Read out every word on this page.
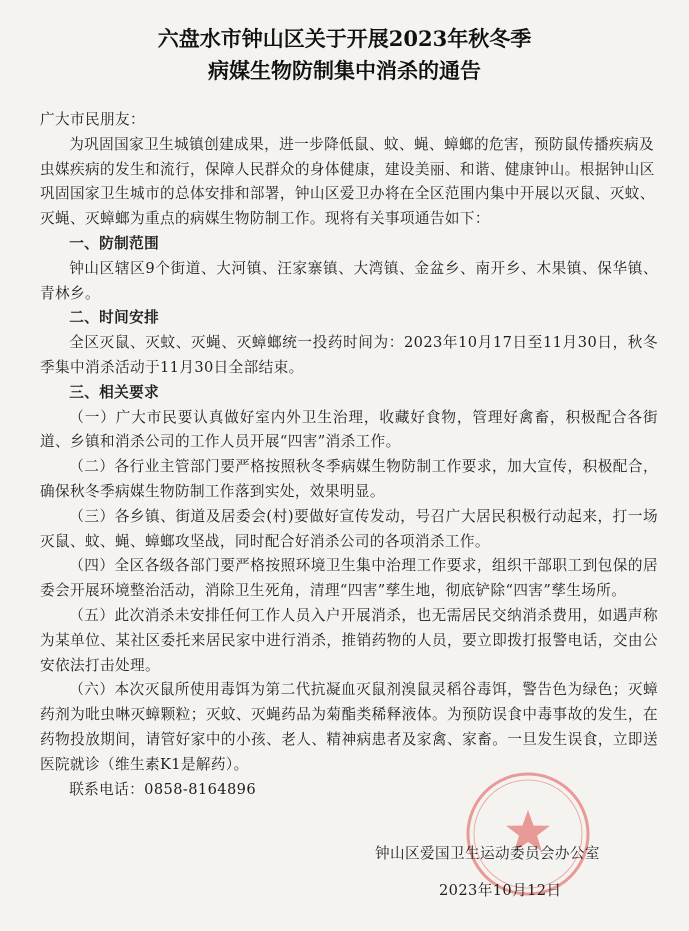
六盘水市钟山区关于开展2023年秋冬季
病媒生物防制集中消杀的通告

广大市民朋友：

为巩固国家卫生城镇创建成果，进一步降低鼠、蚊、蝇、蟑螂的危害，预防鼠传播疾病及虫媒疾病的发生和流行，保障人民群众的身体健康，建设美丽、和谐、健康钟山。

根据钟山区巩固国家卫生城市的总体安排和部署，钟山区爱卫办将在全区范围内集中开展以灭鼠、灭蚊、灭蝇、灭蟑螂为重点的病媒生物防制工作。现将有关事项通告如下：

一、防制范围

钟山区辖区9个街道、大河镇、汪家寨镇、大湾镇、金盆乡、南开乡、木果镇、保华镇、青林乡。

二、时间安排

全区灭鼠、灭蚊、灭蝇、灭蟑螂统一投药时间为：2023年10月17日至11月30日，秋冬季集中消杀活动于11月30日全部结束。

三、相关要求

（一）广大市民要认真做好室内外卫生治理，收藏好食物，管理好禽畜，积极配合各街道、乡镇和消杀公司的工作人员开展“四害”消杀工作。

（二）各行业主管部门要严格按照秋冬季病媒生物防制工作要求，加大宣传，积极配合，确保秋冬季病媒生物防制工作落到实处，效果明显。

（三）各乡镇、街道及居委会(村)要做好宣传发动，号召广大居民积极行动起来，打一场灭鼠、蚊、蝇、蟑螂攻坚战，同时配合好消杀公司的各项消杀工作。

（四）全区各级各部门要严格按照环境卫生集中治理工作要求，组织干部职工到包保的居委会开展环境整治活动，消除卫生死角，清理“四害”孳生地，彻底铲除“四害”孳生场所。

（五）此次消杀未安排任何工作人员入户开展消杀，也无需居民交纳消杀费用，如遇声称为某单位、某社区委托来居民家中进行消杀，推销药物的人员，要立即拨打报警电话，交由公安依法打击处理。

（六）本次灭鼠所使用毒饵为第二代抗凝血灭鼠剂溴鼠灵稻谷毒饵，警告色为绿色；灭蟑药剂为吡虫啉灭蟑颗粒；灭蚊、灭蝇药品为菊酯类稀释液体。为预防误食中毒事故的发生，在药物投放期间，请管好家中的小孩、老人、精神病患者及家禽、家畜。一旦发生误食，立即送医院就诊（维生素K1是解药）。

联系电话：0858-8164896

钟山区爱国卫生运动委员会办公室
2023年10月12日
